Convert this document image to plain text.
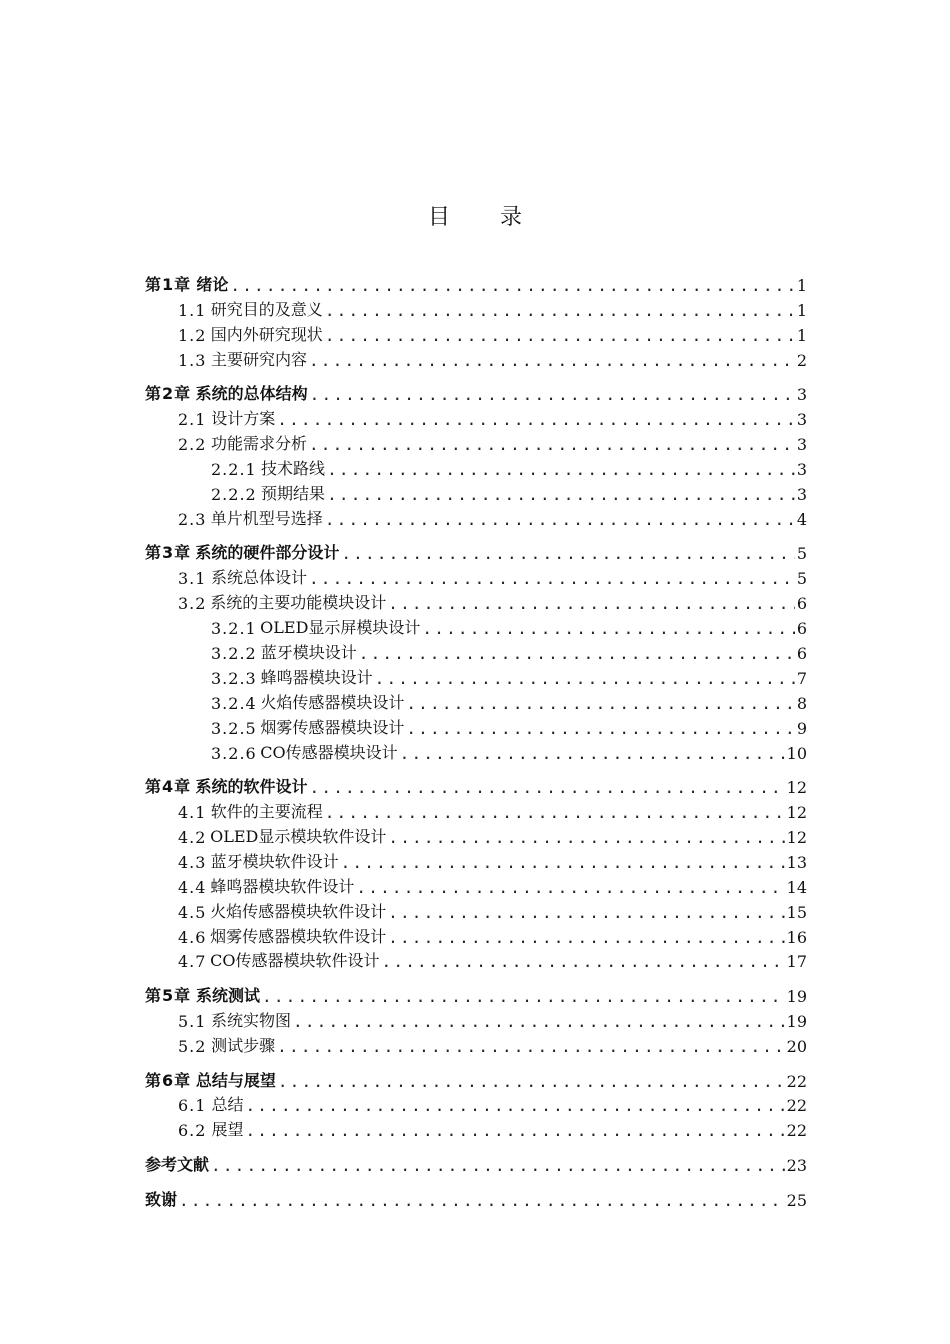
目 录
第1章 绪论 .....	1
1.1 研究目的及意义 .....	1
1.2 国内外研究现状 .....	1
1.3 主要研究内容 .....	2
第2章 系统的总体结构 .....	3
2.1 设计方案 .....	3
2.2 功能需求分析 .....	3
2.2.1 技术路线 .....	3
2.2.2 预期结果 .....	3
2.3 单片机型号选择 .....	4
第3章 系统的硬件部分设计 .....	5
3.1 系统总体设计 .....	5
3.2 系统的主要功能模块设计 .....	6
3.2.1 OLED显示屏模块设计 .....	6
3.2.2 蓝牙模块设计 .....	6
3.2.3 蜂鸣器模块设计 .....	7
3.2.4 火焰传感器模块设计 .....	8
3.2.5 烟雾传感器模块设计 .....	9
3.2.6 CO传感器模块设计 .....	10
第4章 系统的软件设计 .....	12
4.1 软件的主要流程 .....	12
4.2 OLED显示模块软件设计 .....	12
4.3 蓝牙模块软件设计 .....	13
4.4 蜂鸣器模块软件设计 .....	14
4.5 火焰传感器模块软件设计 .....	15
4.6 烟雾传感器模块软件设计 .....	16
4.7 CO传感器模块软件设计 .....	17
第5章 系统测试 .....	19
5.1 系统实物图 .....	19
5.2 测试步骤 .....	20
第6章 总结与展望 .....	22
6.1 总结 .....	22
6.2 展望 .....	22
参考文献 .....	23
致谢 .....	25
